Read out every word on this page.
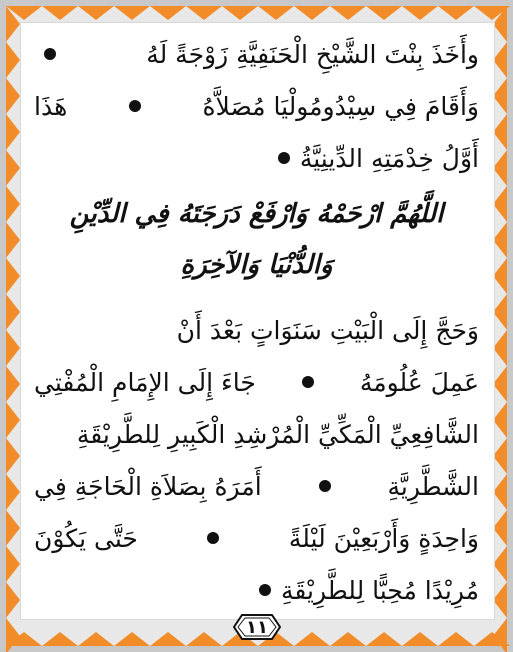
وأَخَذَ بِنْتَ الشَّيْخِ الْحَنَفِيَّةِ زَوْجَةً لَهُ
وَأَقَامَ فِي سِيْدُومُولْيَا مُصَلاَّهُ
هَذَا
أَوَّلُ خِدْمَتِهِ الدِّينِيَّةُ
اللَّهُمَّ ارْحَمْهُ وَارْفَعْ دَرَجَتَهُ فِي الدِّيْنِ
وَالدُّنْيَا وَالآخِرَةِ
وَحَجَّ إِلَى الْبَيْتِ سَنَوَاتٍ بَعْدَ أَنْ
عَمِلَ عُلُومَهُ
جَاءَ إِلَى الإِمَامِ الْمُفْتِي
الشَّافِعِيِّ الْمَكِّيِّ الْمُرْشِدِ الْكَبِيرِ لِلطَّرِيْقَةِ
الشَّطَّرِيَّةِ
أَمَرَهُ بِصَلاَةِ الْحَاجَةِ فِي
وَاحِدَةٍ وَأَرْبَعِيْنَ لَيْلَةً
حَتَّى يَكُوْنَ
مُرِيْدًا مُحِبًّا لِلطَّرِيْقَةِ
١١
